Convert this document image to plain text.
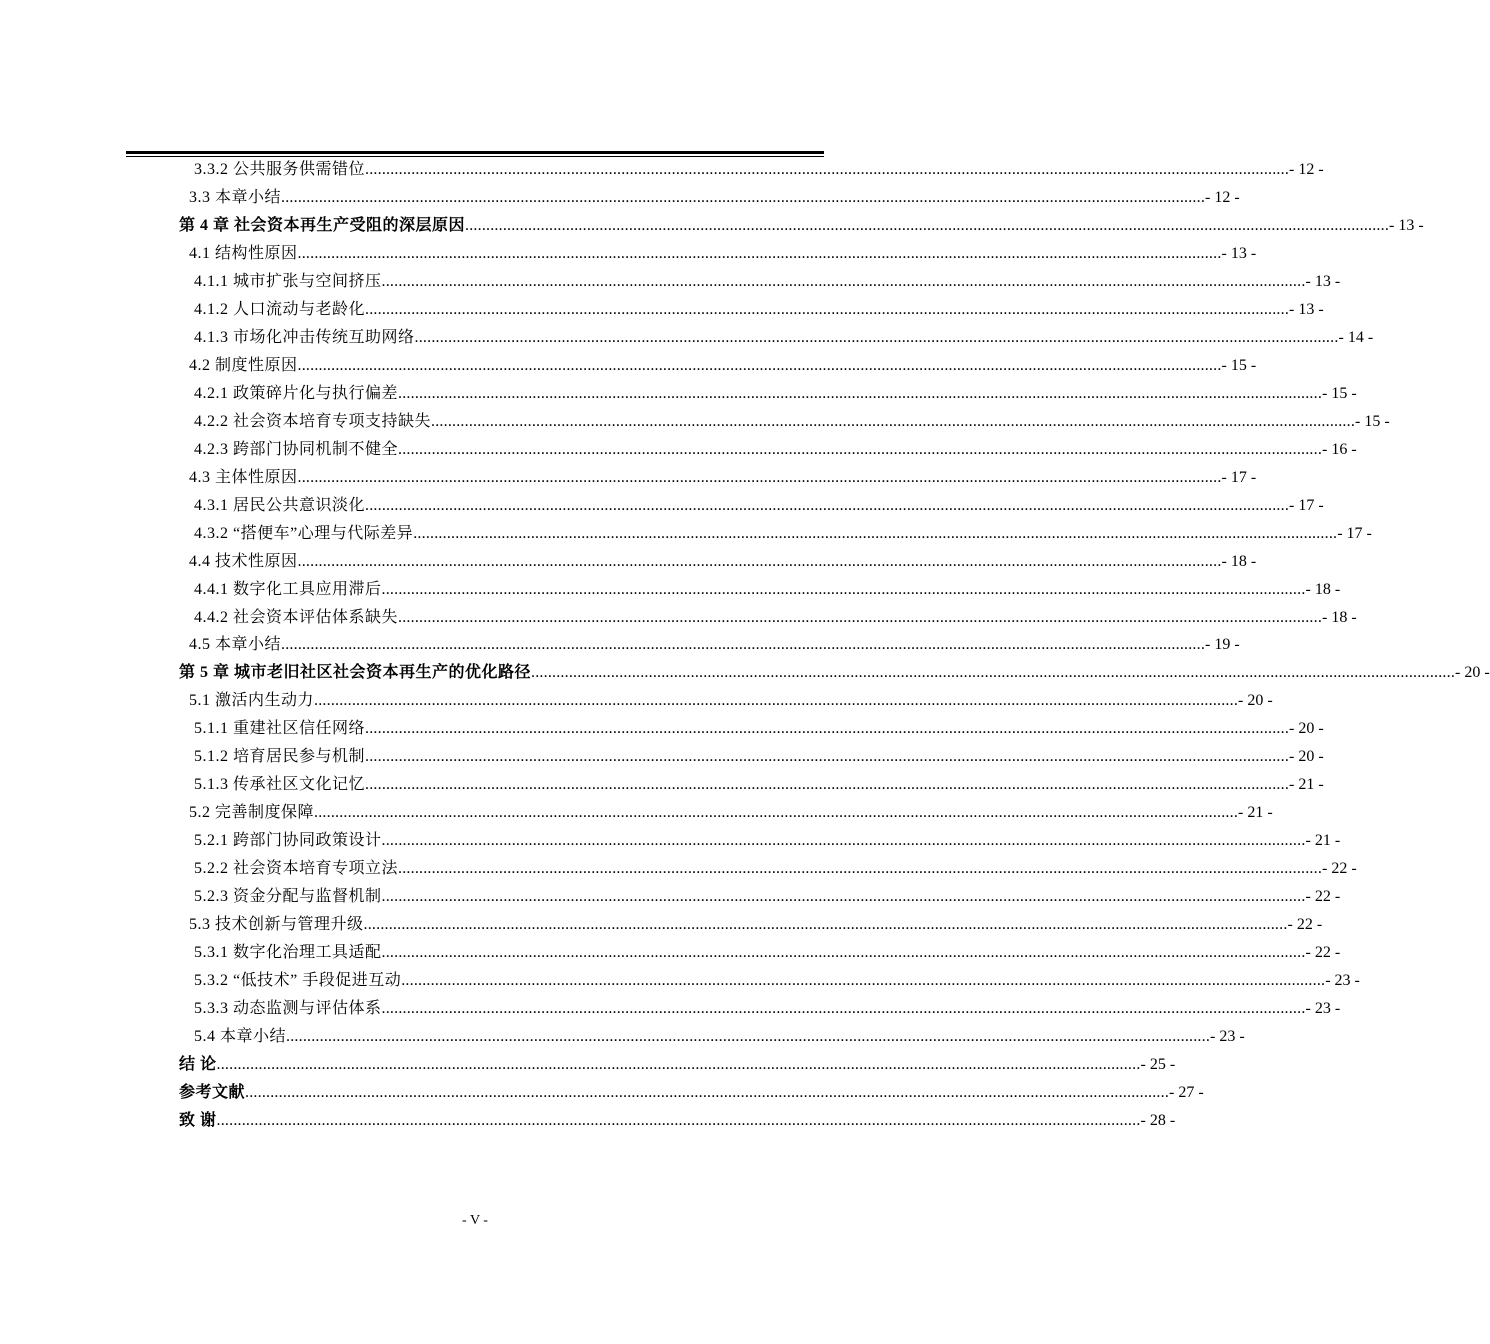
3.3.2 公共服务供需错位 ............................................................................................................................................................................................................................ - 12 -
3.3 本章小结 ............................................................................................................................................................................................................................ - 12 -
第 4 章 社会资本再生产受阻的深层原因 ............................................................................................................................................................................................................................ - 13 -
4.1 结构性原因 ............................................................................................................................................................................................................................ - 13 -
4.1.1 城市扩张与空间挤压 ............................................................................................................................................................................................................................ - 13 -
4.1.2 人口流动与老龄化 ............................................................................................................................................................................................................................ - 13 -
4.1.3 市场化冲击传统互助网络 ............................................................................................................................................................................................................................ - 14 -
4.2 制度性原因 ............................................................................................................................................................................................................................ - 15 -
4.2.1 政策碎片化与执行偏差 ............................................................................................................................................................................................................................ - 15 -
4.2.2 社会资本培育专项支持缺失 ............................................................................................................................................................................................................................ - 15 -
4.2.3 跨部门协同机制不健全 ............................................................................................................................................................................................................................ - 16 -
4.3 主体性原因 ............................................................................................................................................................................................................................ - 17 -
4.3.1 居民公共意识淡化 ............................................................................................................................................................................................................................ - 17 -
4.3.2 “搭便车”心理与代际差异 ............................................................................................................................................................................................................................ - 17 -
4.4 技术性原因 ............................................................................................................................................................................................................................ - 18 -
4.4.1 数字化工具应用滞后 ............................................................................................................................................................................................................................ - 18 -
4.4.2 社会资本评估体系缺失 ............................................................................................................................................................................................................................ - 18 -
4.5 本章小结 ............................................................................................................................................................................................................................ - 19 -
第 5 章 城市老旧社区社会资本再生产的优化路径 ............................................................................................................................................................................................................................ - 20 -
5.1 激活内生动力 ............................................................................................................................................................................................................................ - 20 -
5.1.1 重建社区信任网络 ............................................................................................................................................................................................................................ - 20 -
5.1.2 培育居民参与机制 ............................................................................................................................................................................................................................ - 20 -
5.1.3 传承社区文化记忆 ............................................................................................................................................................................................................................ - 21 -
5.2 完善制度保障 ............................................................................................................................................................................................................................ - 21 -
5.2.1 跨部门协同政策设计 ............................................................................................................................................................................................................................ - 21 -
5.2.2 社会资本培育专项立法 ............................................................................................................................................................................................................................ - 22 -
5.2.3 资金分配与监督机制 ............................................................................................................................................................................................................................ - 22 -
5.3 技术创新与管理升级 ............................................................................................................................................................................................................................ - 22 -
5.3.1 数字化治理工具适配 ............................................................................................................................................................................................................................ - 22 -
5.3.2 “低技术” 手段促进互动 ............................................................................................................................................................................................................................ - 23 -
5.3.3 动态监测与评估体系 ............................................................................................................................................................................................................................ - 23 -
5.4 本章小结 ............................................................................................................................................................................................................................ - 23 -
结 论 ............................................................................................................................................................................................................................ - 25 -
参考文献 ............................................................................................................................................................................................................................ - 27 -
致 谢 ............................................................................................................................................................................................................................ - 28 -
- V -
